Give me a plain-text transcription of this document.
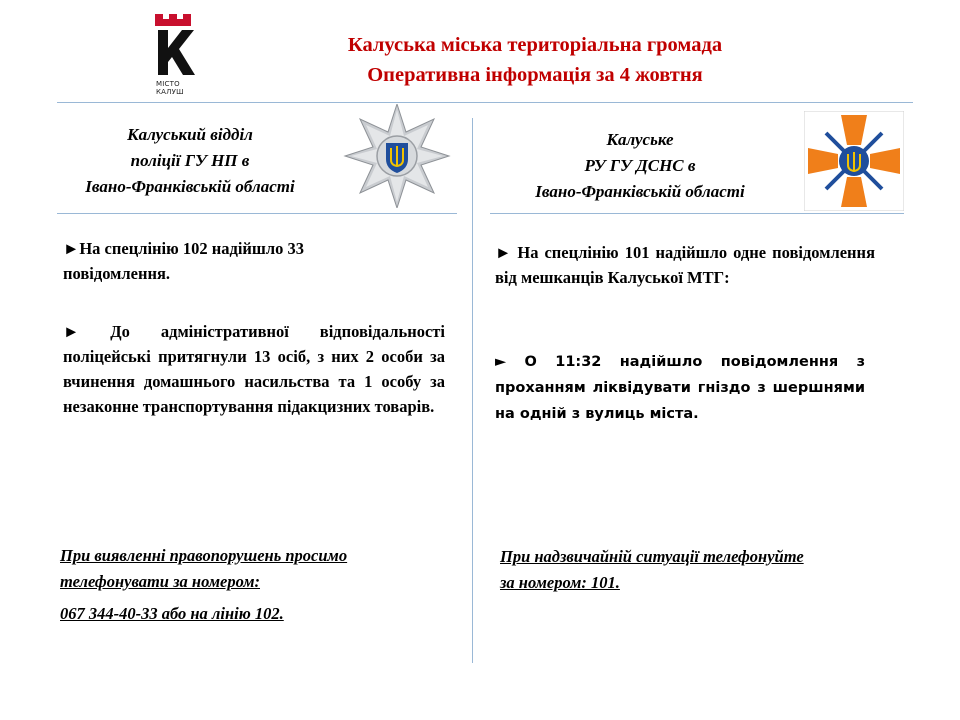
МІСТО
КАЛУШ
Калуська міська територіальна громада
Оперативна інформація за 4 жовтня
Калуський відділ
поліції ГУ НП в
Івано-Франківській області
►На спецлінію 102 надійшло 33
повідомлення.
► До адміністративної відповідальності поліцейські притягнули 13 осіб, з них 2 особи за вчинення домашнього насильства та 1 особу за незаконне транспортування підакцизних товарів.
При виявленні правопорушень просимо
телефонувати за номером:
067 344-40-33 або на лінію 102.
Калуське
РУ ГУ ДСНС в
Івано-Франківській області
► На спецлінію 101 надійшло одне повідомлення від мешканців Калуської МТГ:
► О 11:32 надійшло повідомлення з проханням ліквідувати гніздо з шершнями на одній з вулиць міста.
При надзвичайній ситуації телефонуйте
за номером: 101.
